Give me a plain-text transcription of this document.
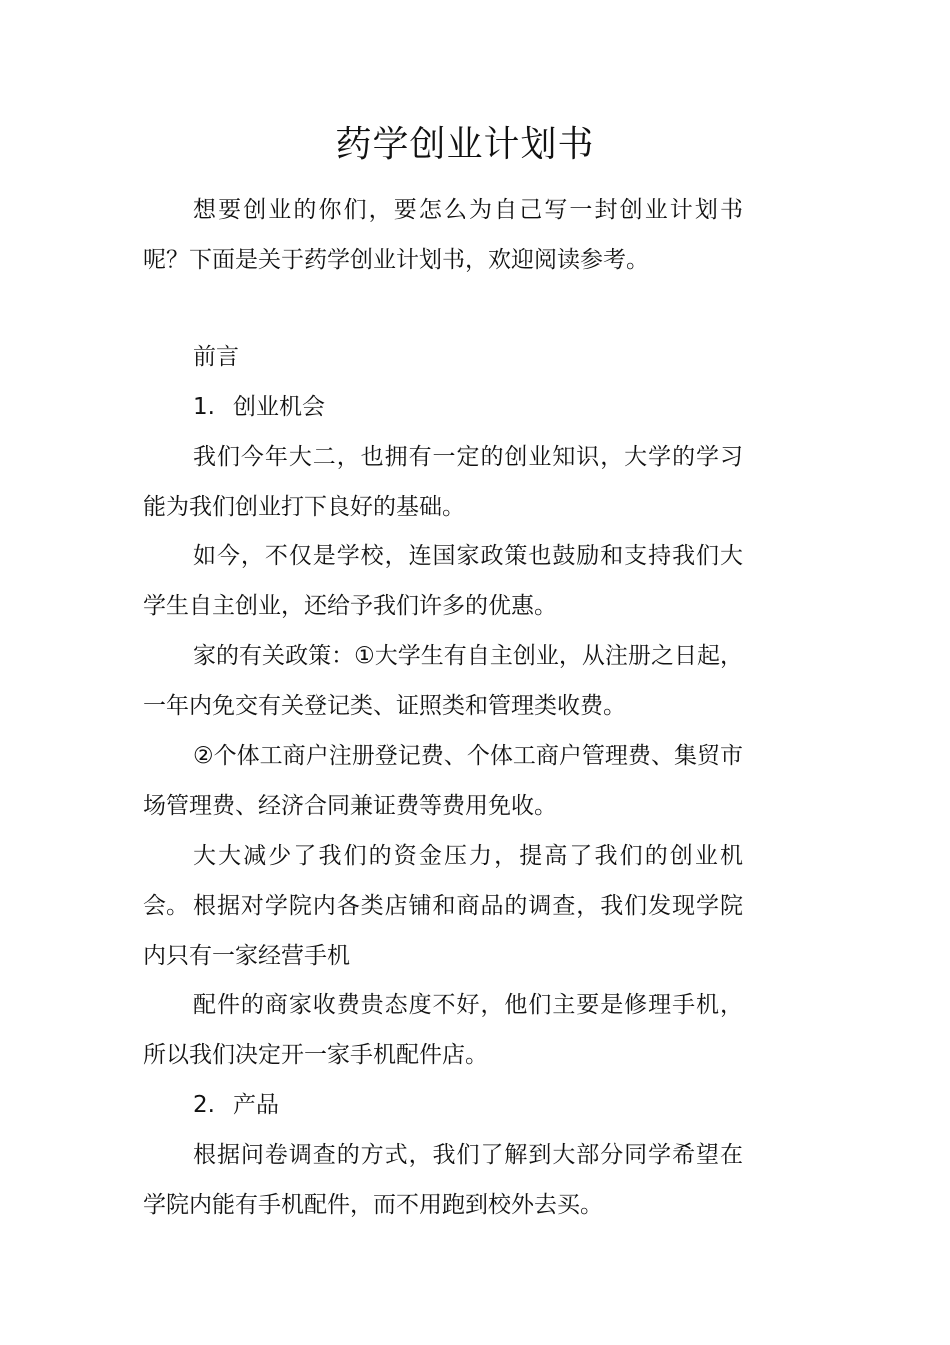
药学创业计划书

想要创业的你们，要怎么为自己写一封创业计划书呢？下面是关于药学创业计划书，欢迎阅读参考。

前言

1. 创业机会

我们今年大二，也拥有一定的创业知识，大学的学习能为我们创业打下良好的基础。

如今，不仅是学校，连国家政策也鼓励和支持我们大学生自主创业，还给予我们许多的优惠。

家的有关政策：①大学生有自主创业，从注册之日起，一年内免交有关登记类、证照类和管理类收费。

②个体工商户注册登记费、个体工商户管理费、集贸市场管理费、经济合同兼证费等费用免收。

大大减少了我们的资金压力，提高了我们的创业机会。 根据对学院内各类店铺和商品的调查，我们发现学院内只有一家经营手机

配件的商家收费贵态度不好，他们主要是修理手机，所以我们决定开一家手机配件店。

2. 产品

根据问卷调查的方式，我们了解到大部分同学希望在学院内能有手机配件，而不用跑到校外去买。
